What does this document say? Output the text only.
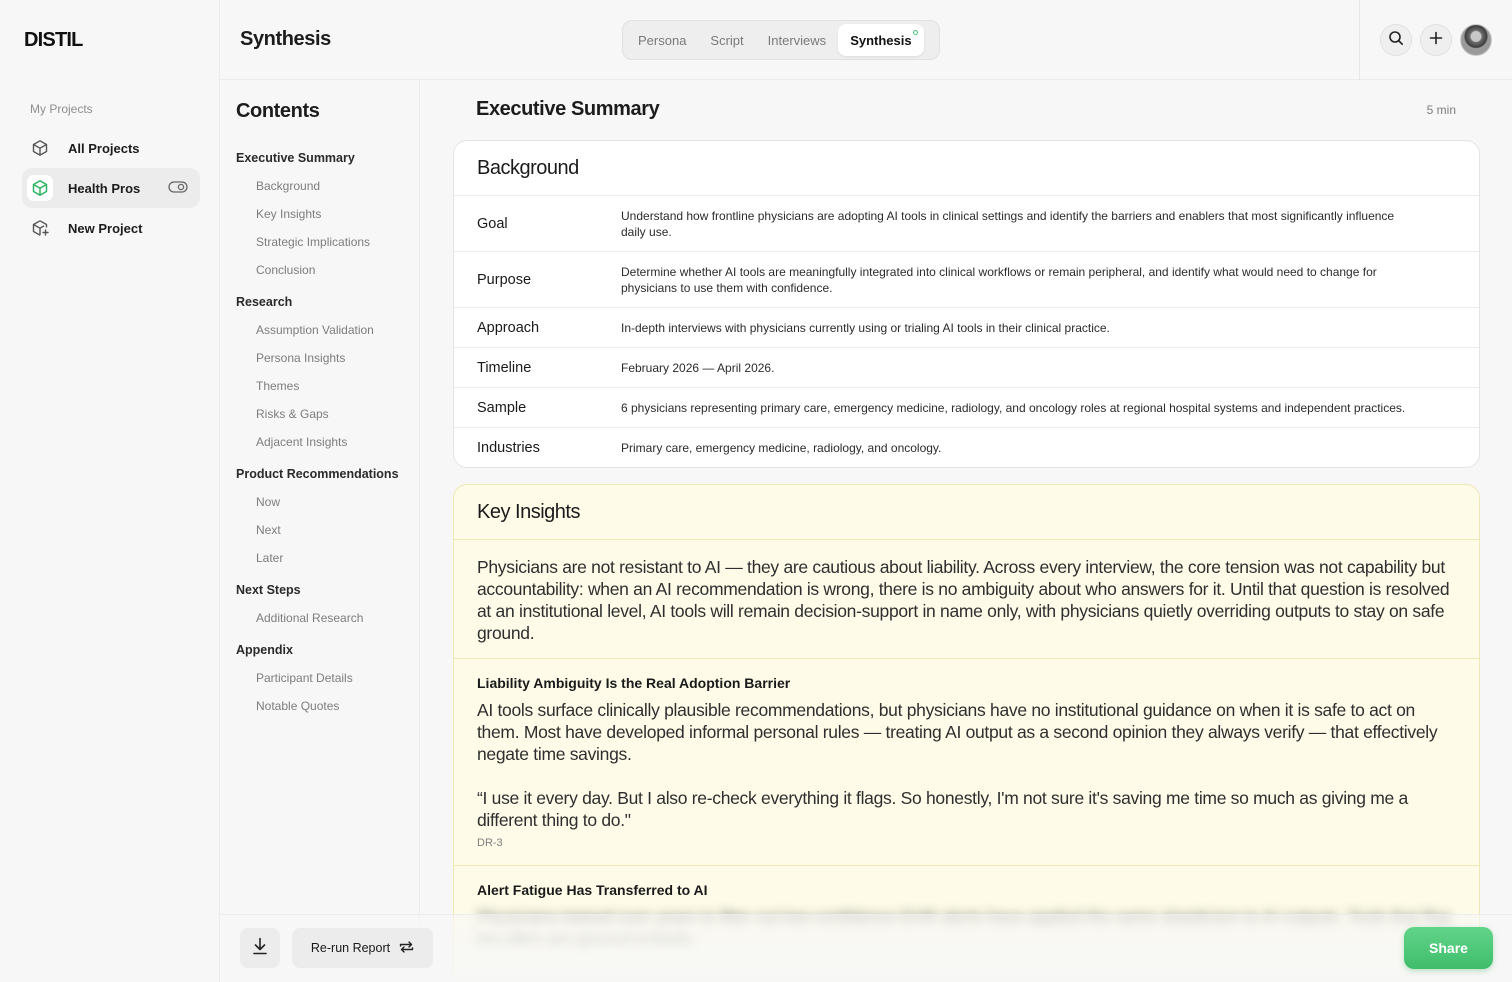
DISTIL
My Projects
All Projects
Health Pros
New Project
Synthesis	Persona	Script	Interviews	Synthesis
Contents
Executive Summary
Background
Key Insights
Strategic Implications
Conclusion
Research
Assumption Validation
Persona Insights
Themes
Risks & Gaps
Adjacent Insights
Product Recommendations
Now
Next
Later
Next Steps
Additional Research
Appendix
Participant Details
Notable Quotes
Executive Summary	5 min
Background
Goal	Understand how frontline physicians are adopting AI tools in clinical settings and identify the barriers and enablers that most significantly influence daily use.
Purpose	Determine whether AI tools are meaningfully integrated into clinical workflows or remain peripheral, and identify what would need to change for physicians to use them with confidence.
Approach	In-depth interviews with physicians currently using or trialing AI tools in their clinical practice.
Timeline	February 2026 — April 2026.
Sample	6 physicians representing primary care, emergency medicine, radiology, and oncology roles at regional hospital systems and independent practices.
Industries	Primary care, emergency medicine, radiology, and oncology.
Key Insights
Physicians are not resistant to AI — they are cautious about liability. Across every interview, the core tension was not capability but accountability: when an AI recommendation is wrong, there is no ambiguity about who answers for it. Until that question is resolved at an institutional level, AI tools will remain decision-support in name only, with physicians quietly overriding outputs to stay on safe ground.
Liability Ambiguity Is the Real Adoption Barrier
AI tools surface clinically plausible recommendations, but physicians have no institutional guidance on when it is safe to act on them. Most have developed informal personal rules — treating AI output as a second opinion they always verify — that effectively negate time savings.
“I use it every day. But I also re-check everything it flags. So honestly, I'm not sure it's saving me time so much as giving me a different thing to do."
DR-3
Alert Fatigue Has Transferred to AI
Re-run Report	Share
